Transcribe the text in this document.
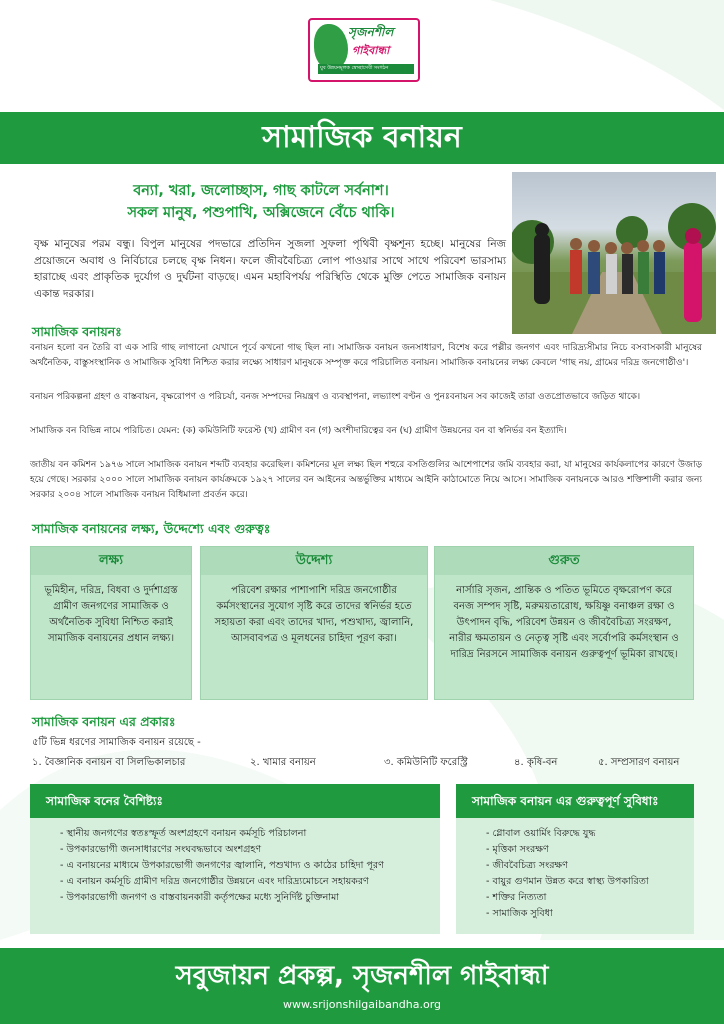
সৃজনশীল
গাইবান্ধা
যুব উন্নয়নমূলক স্বেচ্ছাসেবী সংগঠন
সামাজিক বনায়ন
বন্যা, খরা, জলোচ্ছাস, গাছ কাটলে সর্বনাশ।
সকল মানুষ, পশুপাখি, অক্সিজেনে বেঁচে থাকি।
বৃক্ষ মানুষের পরম বন্ধু। বিপুল মানুষের পদভারে প্রতিদিন সুজলা সুফলা পৃথিবী বৃক্ষশূন্য হচ্ছে। মানুষের নিজ প্রয়োজনে অবাধ ও নির্বিচারে চলছে বৃক্ষ নিধন। ফলে জীববৈচিত্র্য লোপ পাওয়ার সাথে সাথে পরিবেশ ভারসাম্য হারাচ্ছে এবং প্রাকৃতিক দুর্যোগ ও দুর্ঘটনা বাড়ছে। এমন মহাবিপর্যয় পরিস্থিতি থেকে মুক্তি পেতে সামাজিক বনায়ন একান্ত দরকার।
সামাজিক বনায়নঃ
বনায়ন হলো বন তৈরি বা এক সারি গাছ লাগানো যেখানে পূর্বে কখনো গাছ ছিল না। সামাজিক বনায়ন জনসাধারণ, বিশেষ করে পল্লীর জনগণ এবং দারিদ্র্যসীমার নিচে বসবাসকারী মানুষের অর্থনৈতিক, বাস্তুসংস্থানিক ও সামাজিক সুবিধা নিশ্চিত করার লক্ষ্যে সাধারণ মানুষকে সম্পৃক্ত করে পরিচালিত বনায়ন। সামাজিক বনায়নের লক্ষ্য কেবলে 'গাছ নয়, গ্রামের দরিদ্র জনগোষ্ঠীও'।
বনায়ন পরিকল্পনা গ্রহণ ও বাস্তবায়ন, বৃক্ষরোপণ ও পরিচর্যা, বনজ সম্পদের নিয়ন্ত্রণ ও ব্যবস্থাপনা, লভ্যাংশ বণ্টন ও পুনঃবনায়ন সব কাজেই তারা ওতপ্রোতভাবে জড়িত থাকে।
সামাজিক বন বিভিন্ন নামে পরিচিত। যেমন: (ক) কমিউনিটি ফরেস্ট (খ) গ্রামীণ বন (গ) অংশীদারিত্বের বন (ঘ) গ্রামীণ উন্নয়নের বন বা স্বনির্ভর বন ইত্যাদি।
জাতীয় বন কমিশন ১৯৭৬ সালে সামাজিক বনায়ন শব্দটি ব্যবহার করেছিল। কমিশনের মূল লক্ষ্য ছিল শহুরে বসতিগুলির আশেপাশের জমি ব্যবহার করা, যা মানুষের কার্যকলাপের কারণে উজাড় হয়ে গেছে। সরকার ২০০০ সালে সামাজিক বনায়ন কার্যক্রমকে ১৯২৭ সালের বন আইনের অন্তর্ভুক্তির মাধ্যমে আইনি কাঠামোতে নিয়ে আসে। সামাজিক বনায়নকে আরও শক্তিশালী করার জন্য সরকার ২০০৪ সালে সামাজিক বনায়ন বিধিমালা প্রবর্তন করে।
সামাজিক বনায়নের লক্ষ্য, উদ্দেশ্যে এবং গুরুত্বঃ
লক্ষ্য
ভূমিহীন, দরিদ্র, বিধবা ও দুর্দশাগ্রস্ত গ্রামীণ জনগণের সামাজিক ও অর্থনৈতিক সুবিধা নিশ্চিত করাই সামাজিক বনায়নের প্রধান লক্ষ্য।
উদ্দেশ্য
পরিবেশ রক্ষার পাশাপাশি দরিদ্র জনগোষ্ঠীর কর্মসংস্থানের সুযোগ সৃষ্টি করে তাদের স্বনির্ভর হতে সহায়তা করা এবং তাদের খাদ্য, পশুখাদ্য, জ্বালানি, আসবাবপত্র ও মূলধনের চাহিদা পূরণ করা।
গুরুত
নার্সারি সৃজন, প্রান্তিক ও পতিত ভূমিতে বৃক্ষরোপণ করে বনজ সম্পদ সৃষ্টি, মরুময়তারোধ, ক্ষয়িষ্ণু বনাঞ্চল রক্ষা ও উৎপাদন বৃদ্ধি, পরিবেশ উন্নয়ন ও জীববৈচিত্র্য সংরক্ষণ, নারীর ক্ষমতায়ন ও নেতৃত্ব সৃষ্টি এবং সর্বোপরি কর্মসংস্থান ও দারিদ্র নিরসনে সামাজিক বনায়ন গুরুত্বপূর্ণ ভূমিকা রাখছে।
সামাজিক বনায়ন এর প্রকারঃ
৫টি ভিন্ন ধরণের সামাজিক বনায়ন রয়েছে -
১. বৈজ্ঞানিক বনায়ন বা সিলভিকালচার	২. খামার বনায়ন	৩. কমিউনিটি ফরেস্ট্রি	৪. কৃষি-বন	৫. সম্প্রসারণ বনায়ন
সামাজিক বনের বৈশিষ্ট্যঃ
- স্থানীয় জনগণের স্বতঃস্ফূর্ত অংশগ্রহণে বনায়ন কর্মসূচি পরিচালনা
- উপকারভোগী জনসাধারণের সংঘবদ্ধভাবে অংশগ্রহণ
- এ বনায়নের মাধ্যমে উপকারভোগী জনগণের জ্বালানি, পশুখাদ্য ও কাঠের চাহিদা পূরণ
- এ বনায়ন কর্মসূচি গ্রামীণ দরিদ্র জনগোষ্ঠীর উন্নয়নে এবং দারিদ্র্যমোচনে সহায়করণ
- উপকারভোগী জনগণ ও বাস্তবায়নকারী কর্তৃপক্ষের মধ্যে সুনির্দিষ্ট চুক্তিনামা
সামাজিক বনায়ন এর গুরুত্বপূর্ণ সুবিধাঃ
- গ্লোবাল ওয়ার্মিং বিরুদ্ধে যুদ্ধ
- মৃত্তিকা সংরক্ষণ
- জীববৈচিত্র্য সংরক্ষণ
- বায়ুর গুণমান উন্নত করে স্বাস্থ্য উপকারিতা
- শক্তির নিত্যতা
- সামাজিক সুবিধা
সবুজায়ন প্রকল্প, সৃজনশীল গাইবান্ধা
www.srijonshilgaibandha.org
